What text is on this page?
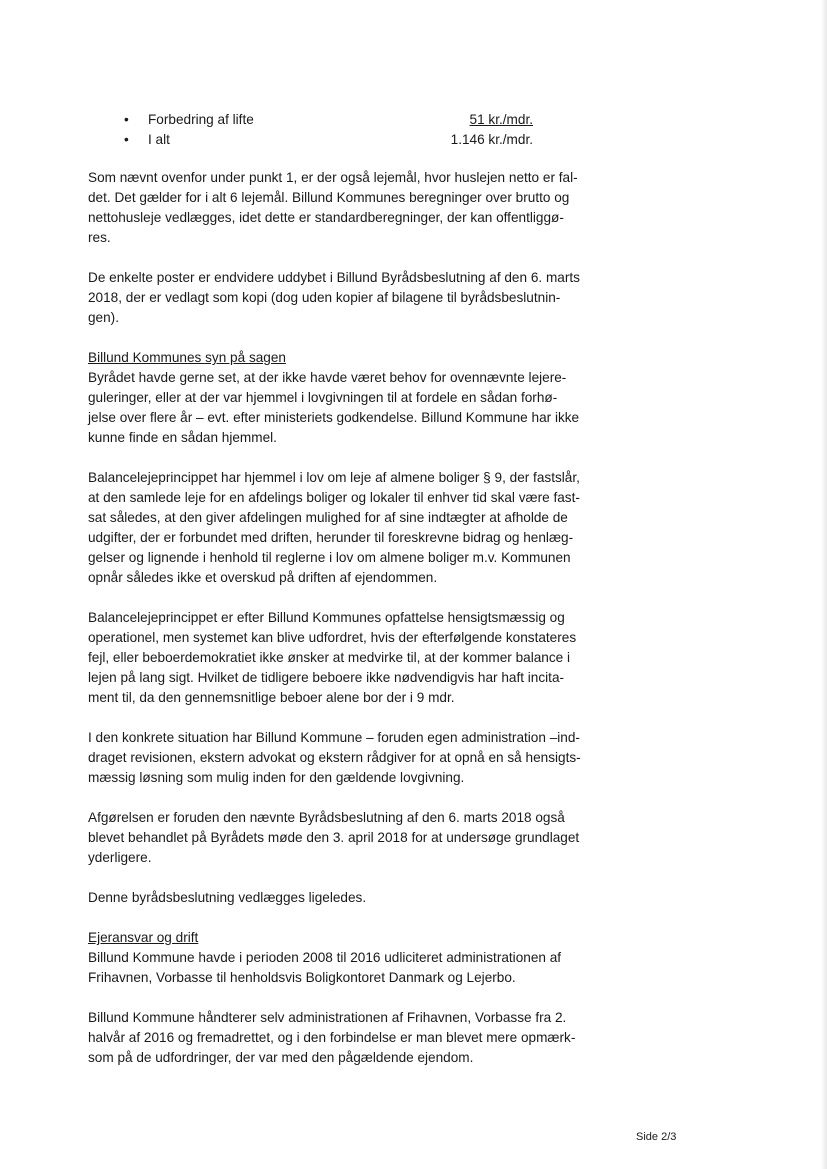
• Forbedring af lifte	51 kr./mdr.
• I alt	1.146 kr./mdr.
Som nævnt ovenfor under punkt 1, er der også lejemål, hvor huslejen netto er fal-
det. Det gælder for i alt 6 lejemål. Billund Kommunes beregninger over brutto og
nettohusleje vedlægges, idet dette er standardberegninger, der kan offentliggø-
res.
De enkelte poster er endvidere uddybet i Billund Byrådsbeslutning af den 6. marts
2018, der er vedlagt som kopi (dog uden kopier af bilagene til byrådsbeslutnin-
gen).
Billund Kommunes syn på sagen
Byrådet havde gerne set, at der ikke havde været behov for ovennævnte lejere-
guleringer, eller at der var hjemmel i lovgivningen til at fordele en sådan forhø-
jelse over flere år – evt. efter ministeriets godkendelse. Billund Kommune har ikke
kunne finde en sådan hjemmel.
Balancelejeprincippet har hjemmel i lov om leje af almene boliger § 9, der fastslår,
at den samlede leje for en afdelings boliger og lokaler til enhver tid skal være fast-
sat således, at den giver afdelingen mulighed for af sine indtægter at afholde de
udgifter, der er forbundet med driften, herunder til foreskrevne bidrag og henlæg-
gelser og lignende i henhold til reglerne i lov om almene boliger m.v. Kommunen
opnår således ikke et overskud på driften af ejendommen.
Balancelejeprincippet er efter Billund Kommunes opfattelse hensigtsmæssig og
operationel, men systemet kan blive udfordret, hvis der efterfølgende konstateres
fejl, eller beboerdemokratiet ikke ønsker at medvirke til, at der kommer balance i
lejen på lang sigt. Hvilket de tidligere beboere ikke nødvendigvis har haft incita-
ment til, da den gennemsnitlige beboer alene bor der i 9 mdr.
I den konkrete situation har Billund Kommune – foruden egen administration –ind-
draget revisionen, ekstern advokat og ekstern rådgiver for at opnå en så hensigts-
mæssig løsning som mulig inden for den gældende lovgivning.
Afgørelsen er foruden den nævnte Byrådsbeslutning af den 6. marts 2018 også
blevet behandlet på Byrådets møde den 3. april 2018 for at undersøge grundlaget
yderligere.
Denne byrådsbeslutning vedlægges ligeledes.
Ejeransvar og drift
Billund Kommune havde i perioden 2008 til 2016 udliciteret administrationen af
Frihavnen, Vorbasse til henholdsvis Boligkontoret Danmark og Lejerbo.
Billund Kommune håndterer selv administrationen af Frihavnen, Vorbasse fra 2.
halvår af 2016 og fremadrettet, og i den forbindelse er man blevet mere opmærk-
som på de udfordringer, der var med den pågældende ejendom.
Side 2/3
